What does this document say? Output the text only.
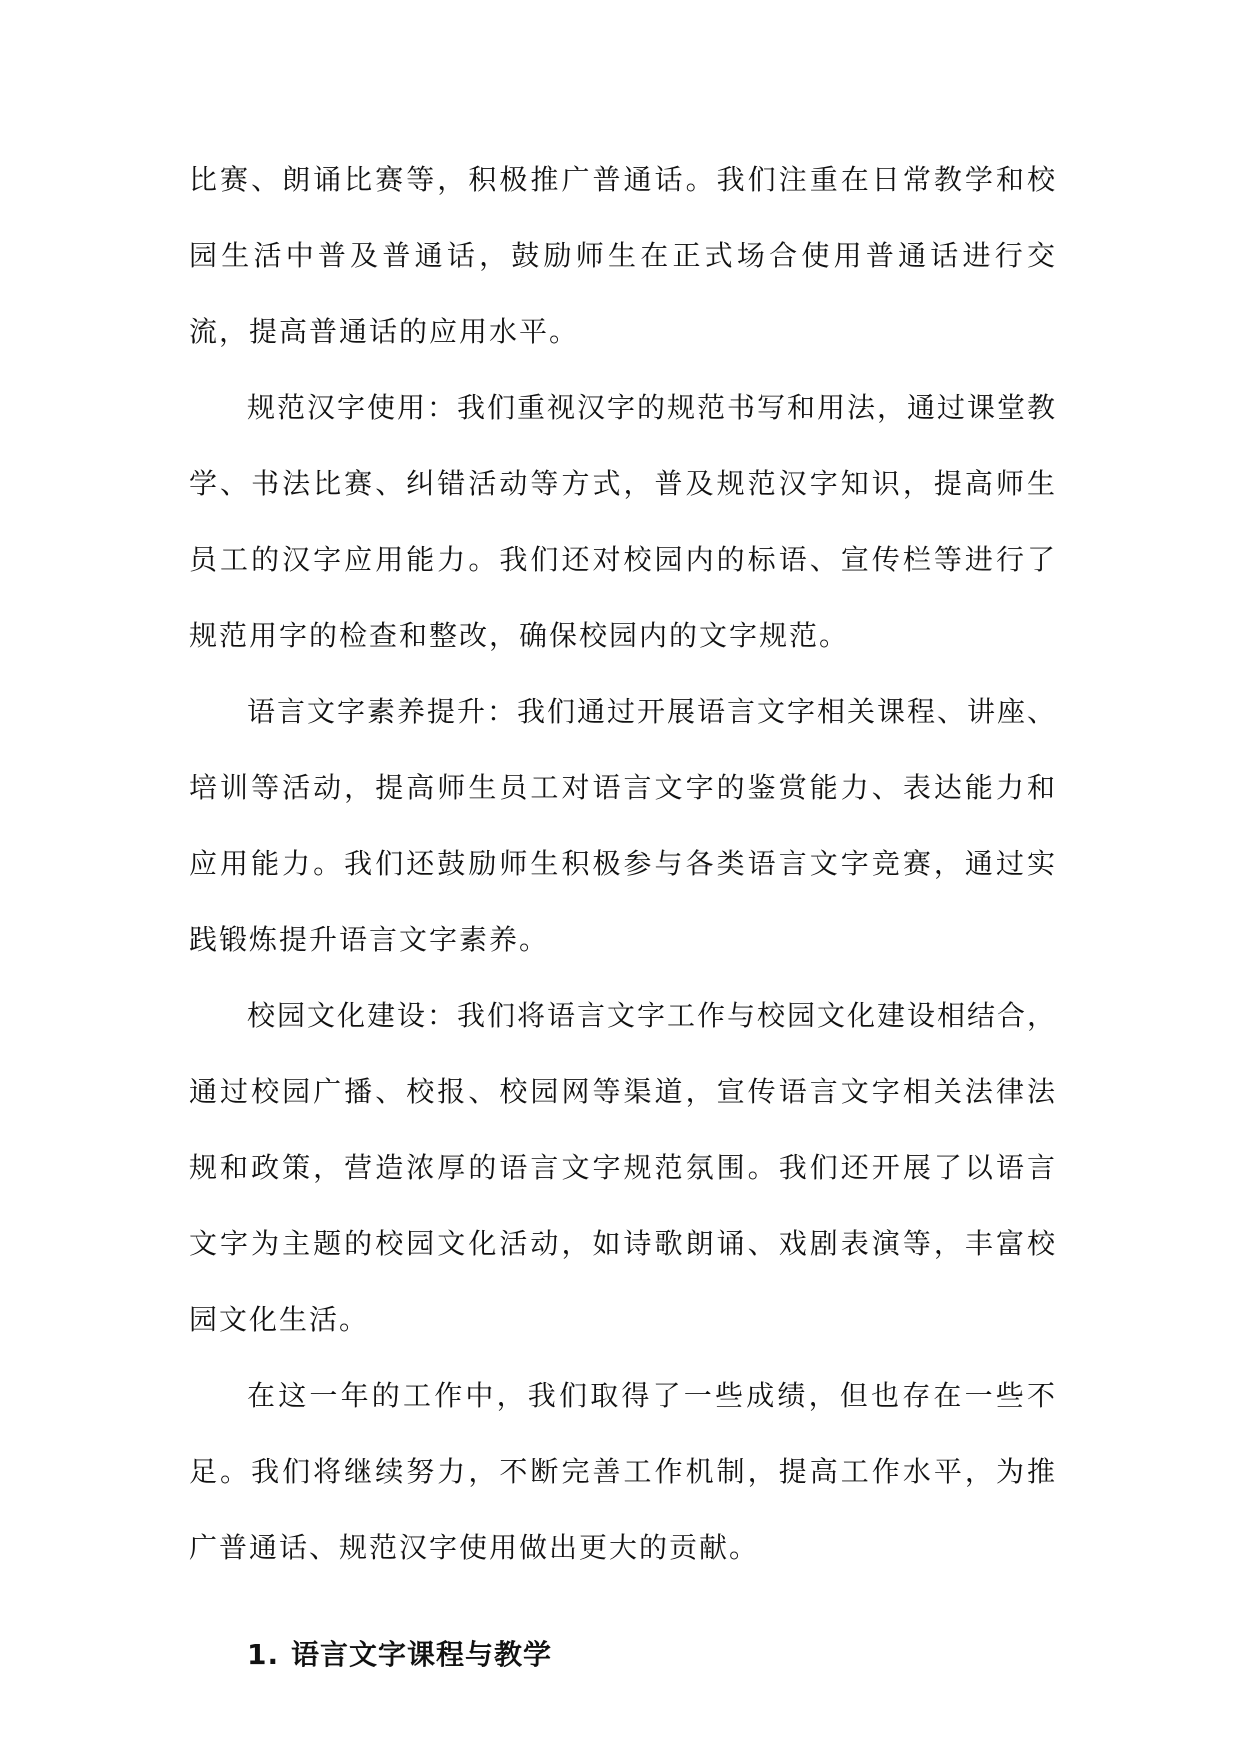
比赛、朗诵比赛等，积极推广普通话。我们注重在日常教学和校园生活中普及普通话，鼓励师生在正式场合使用普通话进行交流，提高普通话的应用水平。

规范汉字使用：我们重视汉字的规范书写和用法，通过课堂教学、书法比赛、纠错活动等方式，普及规范汉字知识，提高师生员工的汉字应用能力。我们还对校园内的标语、宣传栏等进行了规范用字的检查和整改，确保校园内的文字规范。

语言文字素养提升：我们通过开展语言文字相关课程、讲座、培训等活动，提高师生员工对语言文字的鉴赏能力、表达能力和应用能力。我们还鼓励师生积极参与各类语言文字竞赛，通过实践锻炼提升语言文字素养。

校园文化建设：我们将语言文字工作与校园文化建设相结合，通过校园广播、校报、校园网等渠道，宣传语言文字相关法律法规和政策，营造浓厚的语言文字规范氛围。我们还开展了以语言文字为主题的校园文化活动，如诗歌朗诵、戏剧表演等，丰富校园文化生活。

在这一年的工作中，我们取得了一些成绩，但也存在一些不足。我们将继续努力，不断完善工作机制，提高工作水平，为推广普通话、规范汉字使用做出更大的贡献。

1. 语言文字课程与教学
